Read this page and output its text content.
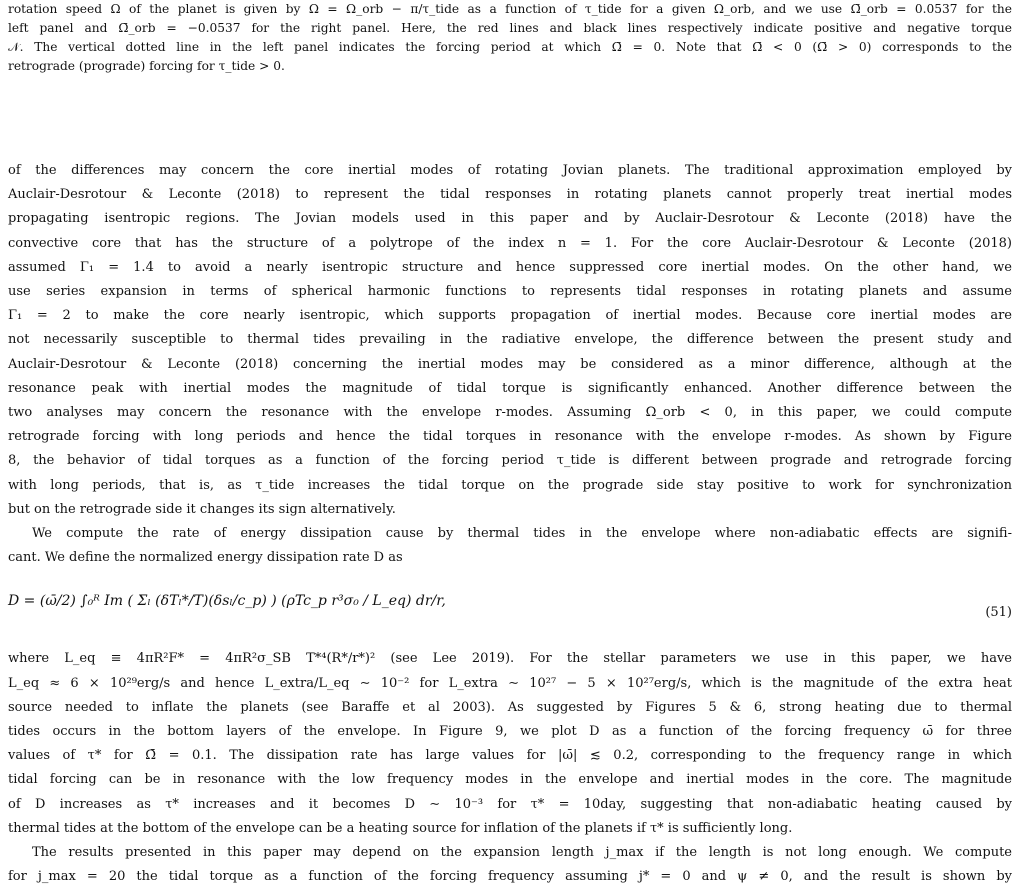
rotation speed Ω of the planet is given by Ω = Ω_orb − π/τ_tide as a function of τ_tide for a given Ω_orb, and we use Ω̄_orb = 0.0537 for the
left panel and Ω̄_orb = −0.0537 for the right panel. Here, the red lines and black lines respectively indicate positive and negative torque
𝒩. The vertical dotted line in the left panel indicates the forcing period at which Ω̄ = 0. Note that Ω̄ < 0 (Ω̄ > 0) corresponds to the
retrograde (prograde) forcing for τ_tide > 0.

of the differences may concern the core inertial modes of rotating Jovian planets. The traditional approximation employed by
Auclair-Desrotour & Leconte (2018) to represent the tidal responses in rotating planets cannot properly treat inertial modes
propagating isentropic regions. The Jovian models used in this paper and by Auclair-Desrotour & Leconte (2018) have the
convective core that has the structure of a polytrope of the index n = 1. For the core Auclair-Desrotour & Leconte (2018)
assumed Γ₁ = 1.4 to avoid a nearly isentropic structure and hence suppressed core inertial modes. On the other hand, we
use series expansion in terms of spherical harmonic functions to represents tidal responses in rotating planets and assume
Γ₁ = 2 to make the core nearly isentropic, which supports propagation of inertial modes. Because core inertial modes are
not necessarily susceptible to thermal tides prevailing in the radiative envelope, the difference between the present study and
Auclair-Desrotour & Leconte (2018) concerning the inertial modes may be considered as a minor difference, although at the
resonance peak with inertial modes the magnitude of tidal torque is significantly enhanced. Another difference between the
two analyses may concern the resonance with the envelope r-modes. Assuming Ω_orb < 0, in this paper, we could compute
retrograde forcing with long periods and hence the tidal torques in resonance with the envelope r-modes. As shown by Figure
8, the behavior of tidal torques as a function of the forcing period τ_tide is different between prograde and retrograde forcing
with long periods, that is, as τ_tide increases the tidal torque on the prograde side stay positive to work for synchronization
but on the retrograde side it changes its sign alternatively.

We compute the rate of energy dissipation cause by thermal tides in the envelope where non-adiabatic effects are signifi-
cant. We define the normalized energy dissipation rate D as

D = (ω̄/2) ∫₀ᴿ Im ( Σₗ (δTₗ*/T)(δsₗ/c_p) ) (ρTc_p r³σ₀ / L_eq) dr/r,
(51)

where L_eq ≡ 4πR²F* = 4πR²σ_SB T*⁴(R*/r*)² (see Lee 2019). For the stellar parameters we use in this paper, we have
L_eq ≈ 6 × 10²⁹erg/s and hence L_extra/L_eq ∼ 10⁻² for L_extra ∼ 10²⁷ − 5 × 10²⁷erg/s, which is the magnitude of the extra heat
source needed to inflate the planets (see Baraffe et al 2003). As suggested by Figures 5 & 6, strong heating due to thermal
tides occurs in the bottom layers of the envelope. In Figure 9, we plot D as a function of the forcing frequency ω̄ for three
values of τ* for Ω̄ = 0.1. The dissipation rate has large values for |ω̄| ≲ 0.2, corresponding to the frequency range in which
tidal forcing can be in resonance with the low frequency modes in the envelope and inertial modes in the core. The magnitude
of D increases as τ* increases and it becomes D ∼ 10⁻³ for τ* = 10day, suggesting that non-adiabatic heating caused by
thermal tides at the bottom of the envelope can be a heating source for inflation of the planets if τ* is sufficiently long.

The results presented in this paper may depend on the expansion length j_max if the length is not long enough. We compute
for j_max = 20 the tidal torque as a function of the forcing frequency assuming j* = 0 and ψ ≠ 0, and the result is shown by
